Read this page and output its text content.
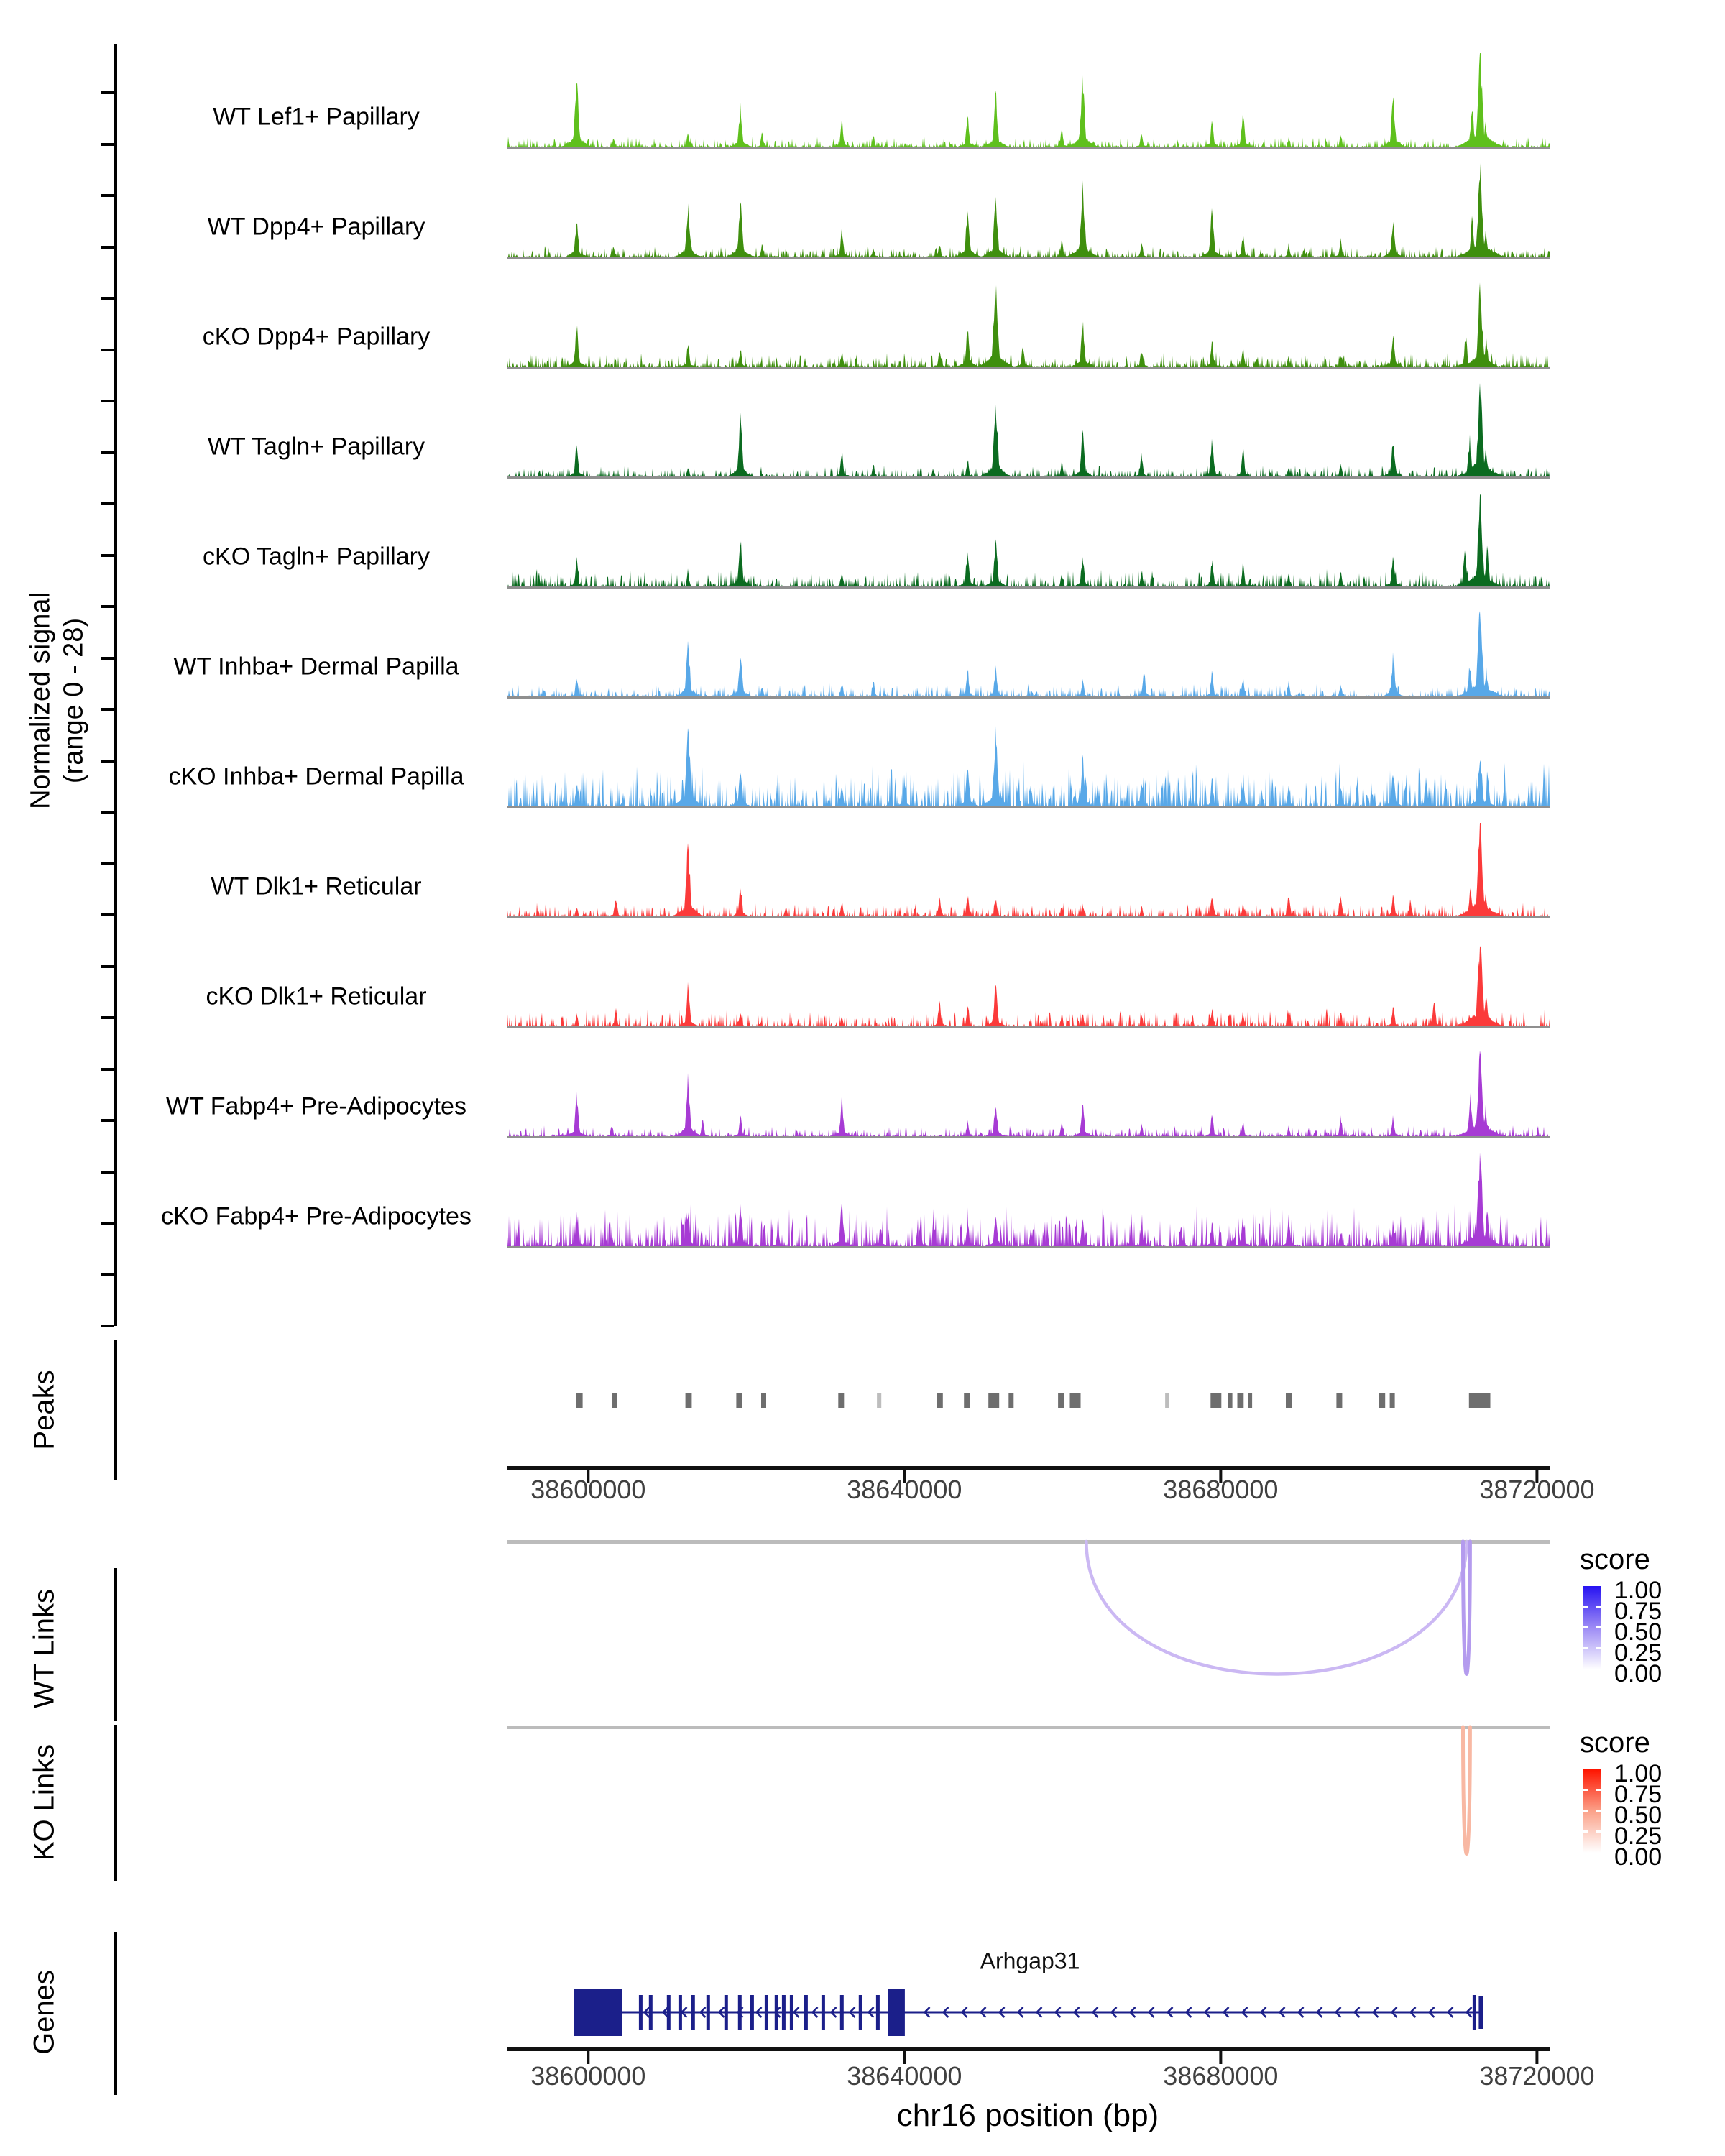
Normalized signal (range 0 - 28)
Peaks
WT Links
KO Links
Genes
WT Lef1+ Papillary
WT Dpp4+ Papillary
cKO Dpp4+ Papillary
WT Tagln+ Papillary
cKO Tagln+ Papillary
WT Inhba+ Dermal Papilla
cKO Inhba+ Dermal Papilla
WT Dlk1+ Reticular
cKO Dlk1+ Reticular
WT Fabp4+ Pre-Adipocytes
cKO Fabp4+ Pre-Adipocytes
38600000	38640000	38680000	38720000
38600000	38640000	38680000	38720000
score
1.00
0.75
0.50
0.25
0.00
score
1.00
0.75
0.50
0.25
0.00
Arhgap31
chr16 position (bp)
